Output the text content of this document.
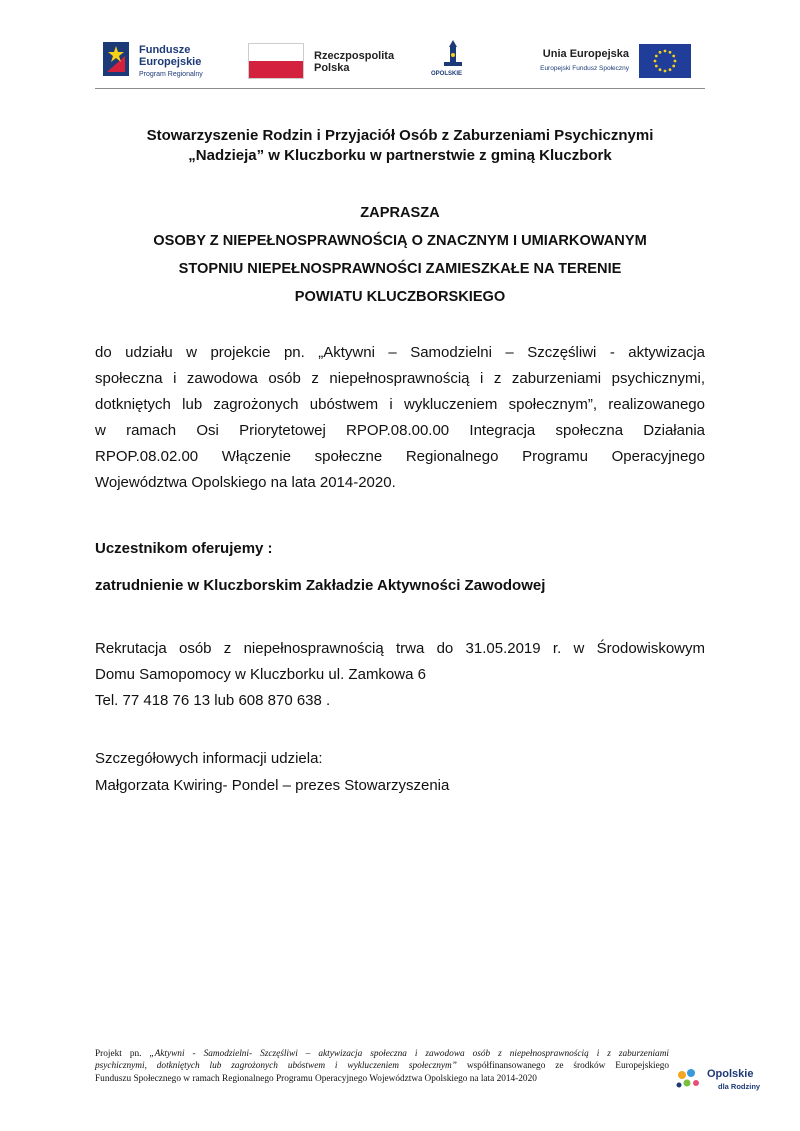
Fundusze
Europejskie
Program Regionalny
Rzeczpospolita
Polska	OPOLSKIE
Unia Europejska
Europejski Fundusz Społeczny
Stowarzyszenie Rodzin i Przyjaciół Osób z Zaburzeniami Psychicznymi
„Nadzieja” w Kluczborku w partnerstwie z gminą Kluczbork
ZAPRASZA
OSOBY Z NIEPEŁNOSPRAWNOŚCIĄ O ZNACZNYM I UMIARKOWANYM
STOPNIU NIEPEŁNOSPRAWNOŚCI ZAMIESZKAŁE NA TERENIE
POWIATU KLUCZBORSKIEGO
do udziału w projekcie pn. „Aktywni – Samodzielni – Szczęśliwi - aktywizacja
społeczna i zawodowa osób z niepełnosprawnością i z zaburzeniami psychicznymi,
dotkniętych lub zagrożonych ubóstwem i wykluczeniem społecznym”, realizowanego
w ramach Osi Priorytetowej RPOP.08.00.00 Integracja społeczna Działania
RPOP.08.02.00 Włączenie społeczne Regionalnego Programu Operacyjnego
Województwa Opolskiego na lata 2014-2020.
Uczestnikom oferujemy :
zatrudnienie w Kluczborskim Zakładzie Aktywności Zawodowej
Rekrutacja osób z niepełnosprawnością trwa do 31.05.2019 r. w Środowiskowym
Domu Samopomocy w Kluczborku ul. Zamkowa 6
Tel. 77 418 76 13 lub 608 870 638 .
Szczegółowych informacji udziela:
Małgorzata Kwiring- Pondel – prezes Stowarzyszenia
Projekt pn. „Aktywni - Samodzielni- Szczęśliwi – aktywizacja społeczna i zawodowa osób z niepełnosprawnością i z zaburzeniami
psychicznymi, dotkniętych lub zagrożonych ubóstwem i wykluczeniem społecznym” współfinansowanego ze środków Europejskiego
Funduszu Społecznego w ramach Regionalnego Programu Operacyjnego Województwa Opolskiego na lata 2014-2020	Opolskie
dla Rodziny
